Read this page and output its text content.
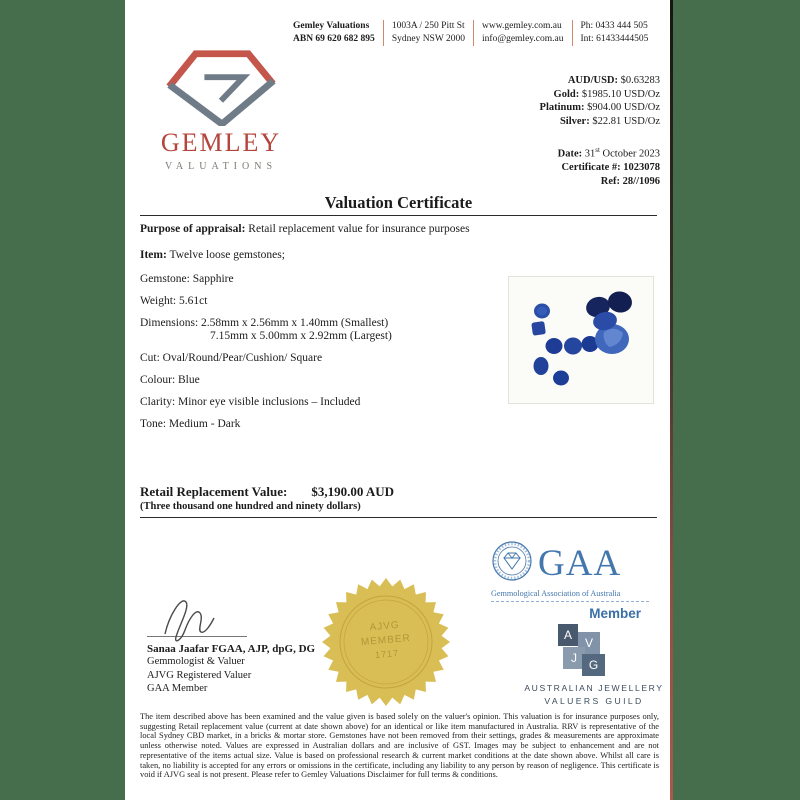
Gemley Valuations
ABN 69 620 682 895
1003A / 250 Pitt St
Sydney NSW 2000
www.gemley.com.au
info@gemley.com.au
Ph: 0433 444 505
Int: 61433444505
GEMLEY
VALUATIONS
AUD/USD: $0.63283
Gold: $1985.10 USD/Oz
Platinum: $904.00 USD/Oz
Silver: $22.81 USD/Oz
Date: 31st October 2023
Certificate #: 1023078
Ref: 28//1096
Valuation Certificate
Purpose of appraisal: Retail replacement value for insurance purposes
Item: Twelve loose gemstones;
Gemstone: Sapphire
Weight: 5.61ct
Dimensions: 2.58mm x 2.56mm x 1.40mm (Smallest)
7.15mm x 5.00mm x 2.92mm (Largest)
Cut: Oval/Round/Pear/Cushion/ Square
Colour: Blue
Clarity: Minor eye visible inclusions – Included
Tone: Medium - Dark
Retail Replacement Value: $3,190.00 AUD
(Three thousand one hundred and ninety dollars)
GAA
Gemmological Association of Australia
Member
AJVG
MEMBER
1717
Sanaa Jaafar FGAA, AJP, dpG, DG
Gemmologist & Valuer
AJVG Registered Valuer
GAA Member
A
V
J G
AUSTRALIAN JEWELLERY
VALUERS GUILD
The item described above has been examined and the value given is based solely on the valuer's opinion. This valuation is for insurance purposes only, suggesting Retail replacement value (current at date shown above) for an identical or like item manufactured in Australia. RRV is representative of the local Sydney CBD market, in a bricks & mortar store. Gemstones have not been removed from their settings, grades & measurements are approximate unless otherwise noted. Values are expressed in Australian dollars and are inclusive of GST. Images may be subject to enhancement and are not representative of the items actual size. Value is based on professional research & current market conditions at the date shown above. Whilst all care is taken, no liability is accepted for any errors or omissions in the certificate, including any liability to any person by reason of negligence. This certificate is void if AJVG seal is not present. Please refer to Gemley Valuations Disclaimer for full terms & conditions.
